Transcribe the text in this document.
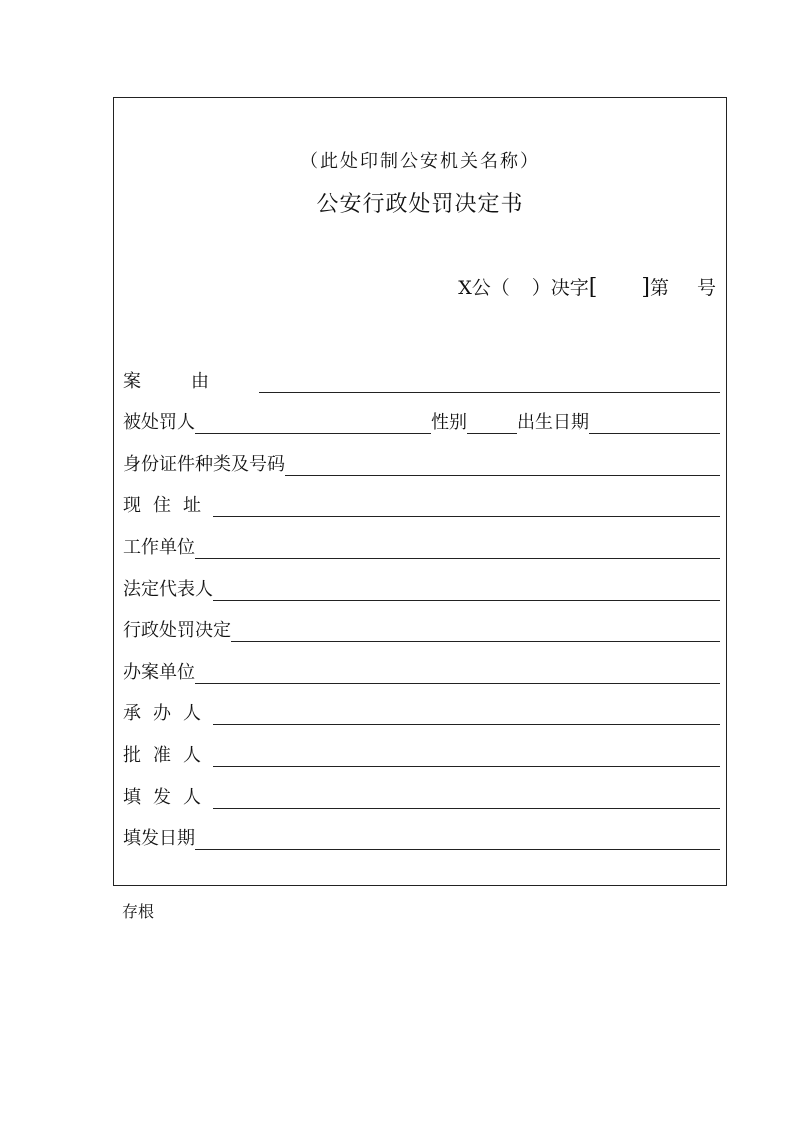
（此处印制公安机关名称）
公安行政处罚决定书
X公（ ）决字 [ ] 第 号
案由
被处罚人	性别	出生日期
身份证件种类及号码
现住址
工作单位
法定代表人
行政处罚决定
办案单位
承办人
批准人
填发人
填发日期
存根
